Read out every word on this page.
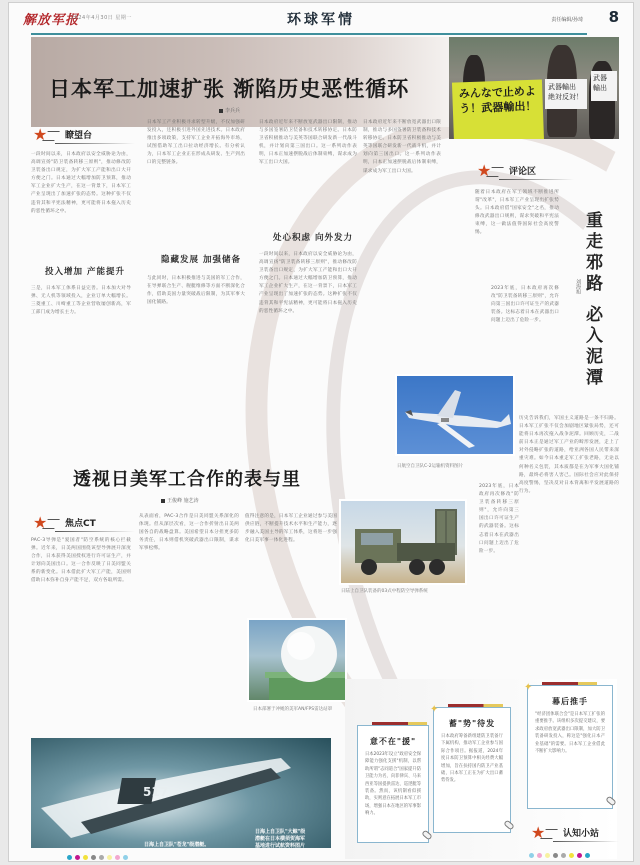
解放军报
2024年4月30日 星期一	环球军情	责任编辑/孙琦 8
日本军工加速扩张 渐陷历史恶性循环
李兵兵
みんなで止めよう！武器輸出！
武器輸出 絶対反対！
武器 輸出
★ 瞭望台
一段时间以来，日本政府以安全威胁论为由，高调宣扬"防卫装备转移三原则"，推动修改防卫装备出口规定，为扩大军工产能和出口大开方便之门。日本通过大幅增加防卫预算，推动军工企业扩大生产，在这一背景下，日本军工产业呈现出了加速扩张的态势。这种扩张不仅违背其和平宪法精神，更可能将日本拖入历史的恶性循环之中。
投入增加 产能提升
三是，日本军工体系日益完善。日本加大对导弹、无人机等领域投入，企业订单大幅增长。三菱重工、川崎重工等企业营收屡创新高，军工部门成为增长主力。
日本军工产业积极寻求转型升级，不仅加强研发投入，还积极引进外国先进技术。日本政府推出多项政策，支持军工企业开拓海外市场，试图借助军工出口拉动经济增长。有分析认为，日本军工企业正在形成从研发、生产到出口的完整链条。
隐藏发展 加强储备
与此同时，日本积极推进与美国的军工合作，在导弹联合生产、舰艇维修等方面不断深化合作，借助美国力量突破战后限制，为其军事大国化铺路。
日本政府近年来不断放宽武器出口限制，推动与多国签署防卫装备和技术转移协定。日本防卫省积极推动与美英等国联合研发新一代战斗机，并计划向第三国出口。这一系列动作表明，日本正加速摆脱战后体制束缚，谋求成为军工出口大国。
处心积虑 向外发力
一段时间以来，日本政府以安全威胁论为由，高调宣扬"防卫装备转移三原则"，推动修改防卫装备出口规定，为扩大军工产能和出口大开方便之门。日本通过大幅增加防卫预算，推动军工企业扩大生产，在这一背景下，日本军工产业呈现出了加速扩张的态势。这种扩张不仅违背其和平宪法精神，更可能将日本拖入历史的恶性循环之中。
日本政府近年来不断放宽武器出口限制，推动与多国签署防卫装备和技术转移协定。日本防卫省积极推动与美英等国联合研发新一代战斗机，并计划向第三国出口。这一系列动作表明，日本正加速摆脱战后体制束缚，谋求成为军工出口大国。	★ 评论区
随着日本政府在军工领域不断推进所谓"改革"，日本军工产业呈现出扩张势头。日本政府借"国家安全"之名，推动修改武器出口规则，谋求突破和平宪法束缚，这一做法值得国际社会高度警惕。
2023年底，日本政府再次修改"防卫装备转移三原则"，允许向第三国出口许可证生产的武器装备。这标志着日本在武器出口问题上迈出了危险一步。	重走邪路 必入泥潭
刘海旭
历史告诉我们，军国主义道路是一条不归路。日本军工扩张不仅会加剧地区紧张局势，还可能将日本再次拖入战争泥潭。回顾历史，二战前日本正是通过军工产业的畸形发展，走上了对外侵略扩张的道路，给亚洲各国人民带来深重灾难。如今日本重走军工扩张老路，无论以何种名义包装，其本质都是在为军事大国化铺路，最终必将害人害己。国际社会应对此保持高度警惕，坚决反对日本背离和平发展道路的行为。
2023年底，日本政府再次修改"防卫装备转移三原则"，允许向第三国出口许可证生产的武器装备。这标志着日本在武器出口问题上迈出了危险一步。
日航空自卫队C-2运输机资料图片
透视日美军工合作的表与里
王俊峰 施艺涛
★ 焦点CT
PAC-3导弹是"爱国者"防空系统的核心拦截弹。近年来，日美两国围绕该型导弹展开深度合作，日本获得美国授权进行许可证生产，并计划向美国出口。这一合作反映了日美同盟关系的新变化。日本借此扩大军工产能，美国则借助日本弥补自身产能不足，双方各取所需。
从表面看，PAC-3合作是日美同盟关系深化的体现。但从深层次看，这一合作折射出日美两国各自的战略盘算。美国希望日本分担更多防务责任，日本则借机突破武器出口限制，谋求军事松绑。
值得注意的是，日本军工企业通过参与美国供应链，不断提升技术水平和生产能力，逐步融入美国主导的军工体系，这将进一步强化日美军事一体化进程。
日陆上自卫队装备的03式中程防空导弹系统
日本部署于冲绳的美军AN/FPS雷达站罩
517
日海上自卫队"苍龙"级潜艇。
日海上自卫队"大鲸"级
潜艇在日本横须贺海军
基地进行试航资料图片
意不在"援"
日本2023年设立"政府安全保障能力强化支援"机制，以帮助所谓"志同道合"国家提升防卫能力为名，向菲律宾、马来西亚等国提供雷达、巡逻艇等装备。然而，该机制看似援助，实则意在拓展日本军工市场，增强日本在地区的军事影响力。
✦
蓄"势"待发
日本政府筹备新组建防卫装备厅下属机构，推动军工企业参与国际合作项目。据报道，2024年度日本防卫预算中相关经费大幅增加，旨在扶持国内防卫产业基础，日本军工正在为扩大出口蓄势待发。
✦
幕后推手
"经济团体联合会"是日本军工扩张的重要推手。该组织多次提交建议，要求政府放宽武器出口限制，加大防卫装备研发投入，称这是"强化日本产业基础"的需要。日本军工企业借此不断扩大影响力。
★ 认知小站
